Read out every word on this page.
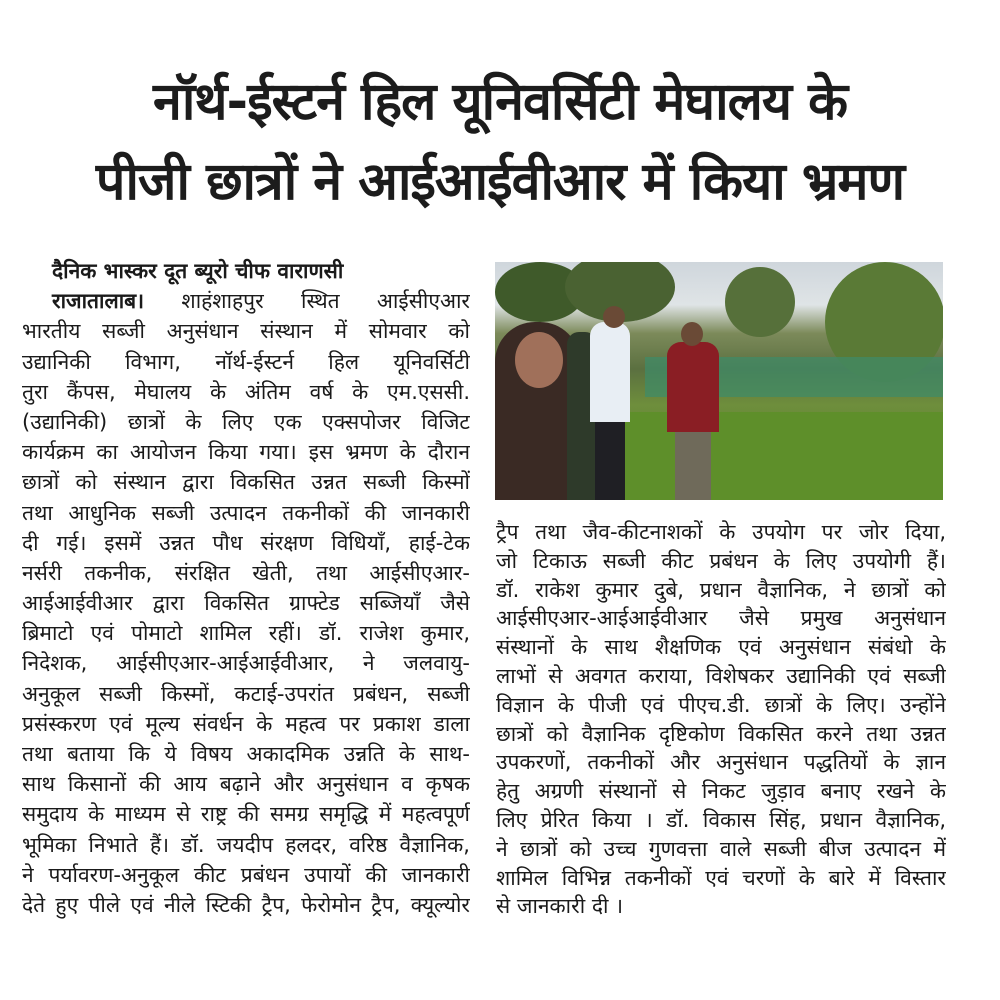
नॉर्थ-ईस्टर्न हिल यूनिवर्सिटी मेघालय के
पीजी छात्रों ने आईआईवीआर में किया भ्रमण
दैनिक भास्कर दूत ब्यूरो चीफ वाराणसी
राजातालाब। शाहंशाहपुर स्थित आईसीएआर
भारतीय सब्जी अनुसंधान संस्थान में सोमवार को
उद्यानिकी विभाग, नॉर्थ-ईस्टर्न हिल यूनिवर्सिटी
तुरा कैंपस, मेघालय के अंतिम वर्ष के एम.एससी.
(उद्यानिकी) छात्रों के लिए एक एक्सपोजर विजिट
कार्यक्रम का आयोजन किया गया। इस भ्रमण के दौरान
छात्रों को संस्थान द्वारा विकसित उन्नत सब्जी किस्मों
तथा आधुनिक सब्जी उत्पादन तकनीकों की जानकारी
दी गई। इसमें उन्नत पौध संरक्षण विधियाँ, हाई-टेक
नर्सरी तकनीक, संरक्षित खेती, तथा आईसीएआर-
आईआईवीआर द्वारा विकसित ग्राफ्टेड सब्जियाँ जैसे
ब्रिमाटो एवं पोमाटो शामिल रहीं। डॉ. राजेश कुमार,
निदेशक, आईसीएआर-आईआईवीआर, ने जलवायु-
अनुकूल सब्जी किस्मों, कटाई-उपरांत प्रबंधन, सब्जी
प्रसंस्करण एवं मूल्य संवर्धन के महत्व पर प्रकाश डाला
तथा बताया कि ये विषय अकादमिक उन्नति के साथ-
साथ किसानों की आय बढ़ाने और अनुसंधान व कृषक
समुदाय के माध्यम से राष्ट्र की समग्र समृद्धि में महत्वपूर्ण
भूमिका निभाते हैं। डॉ. जयदीप हलदर, वरिष्ठ वैज्ञानिक,
ने पर्यावरण-अनुकूल कीट प्रबंधन उपायों की जानकारी
देते हुए पीले एवं नीले स्टिकी ट्रैप, फेरोमोन ट्रैप, क्यूल्योर
ट्रैप तथा जैव-कीटनाशकों के उपयोग पर जोर दिया,
जो टिकाऊ सब्जी कीट प्रबंधन के लिए उपयोगी हैं।
डॉ. राकेश कुमार दुबे, प्रधान वैज्ञानिक, ने छात्रों को
आईसीएआर-आईआईवीआर जैसे प्रमुख अनुसंधान
संस्थानों के साथ शैक्षणिक एवं अनुसंधान संबंधो के
लाभों से अवगत कराया, विशेषकर उद्यानिकी एवं सब्जी
विज्ञान के पीजी एवं पीएच.डी. छात्रों के लिए। उन्होंने
छात्रों को वैज्ञानिक दृष्टिकोण विकसित करने तथा उन्नत
उपकरणों, तकनीकों और अनुसंधान पद्धतियों के ज्ञान
हेतु अग्रणी संस्थानों से निकट जुड़ाव बनाए रखने के
लिए प्रेरित किया । डॉ. विकास सिंह, प्रधान वैज्ञानिक,
ने छात्रों को उच्च गुणवत्ता वाले सब्जी बीज उत्पादन में
शामिल विभिन्न तकनीकों एवं चरणों के बारे में विस्तार
से जानकारी दी ।
